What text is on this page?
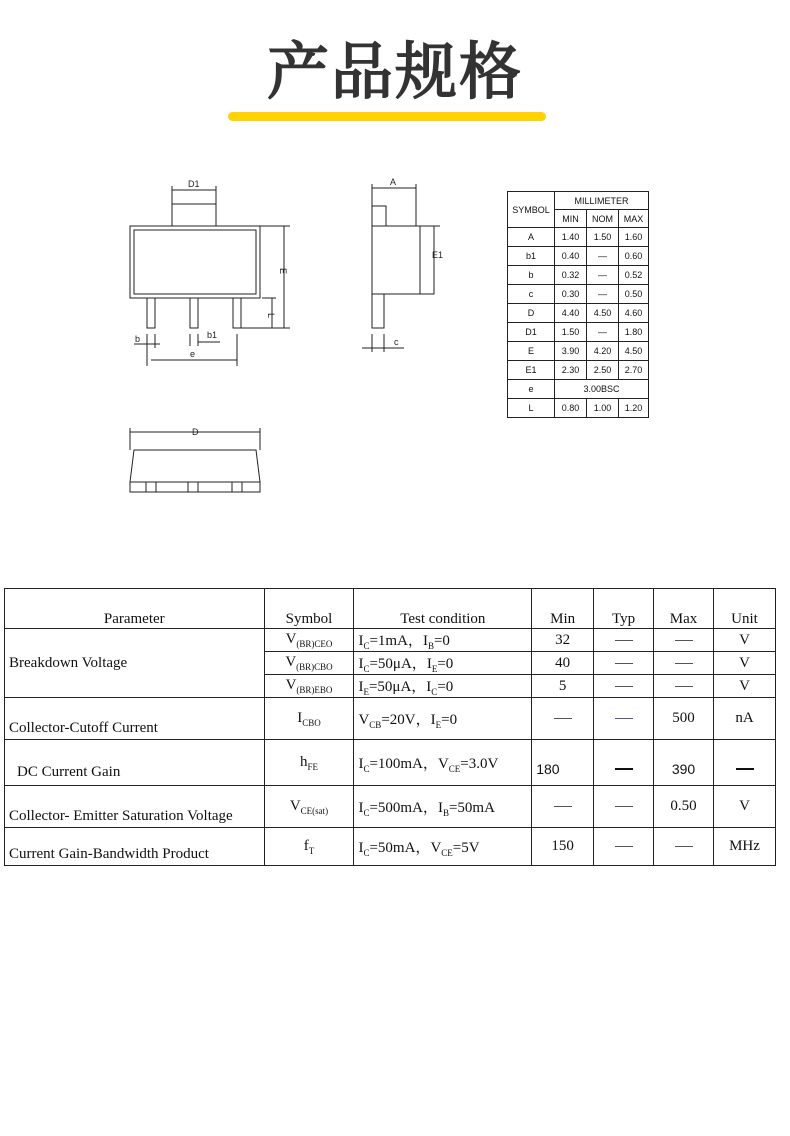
产品规格
D1	A
E
L
E1
b	b1
e
c
D
SYMBOL	MILLIMETER		
	MIN	NOM	MAX
A	1.40	1.50	1.60
b1	0.40	—	0.60
b	0.32	—	0.52
c	0.30	—	0.50
D	4.40	4.50	4.60
D1	1.50	—	1.80
E	3.90	4.20	4.50
E1	2.30	2.50	2.70
e	3.00BSC		
L	0.80	1.00	1.20
Parameter	Symbol	Test condition	Min	Typ	Max	Unit
Breakdown Voltage	$V_{(BR)CEO}$	$I_C=1mA$，$I_B=0$	32			V
	$V_{(BR)CBO}$	$I_C=50\mu A$，$I_E=0$	40			V
	$V_{(BR)EBO}$	$I_E=50\mu A$，$I_C=0$	5			V
Collector-Cutoff Current	$I_{CBO}$	$V_{CB}=20V$，$I_E=0$			500	nA
DC Current Gain	$h_{FE}$	$I_C=100mA$，$V_{CE}=3.0V$	180		390	
Collector- Emitter Saturation Voltage	$V_{CE(sat)}$	$I_C=500mA$，$I_B=50mA$			0.50	V
Current Gain-Bandwidth Product	$f_T$	$I_C=50mA$，$V_{CE}=5V$	150			MHz
